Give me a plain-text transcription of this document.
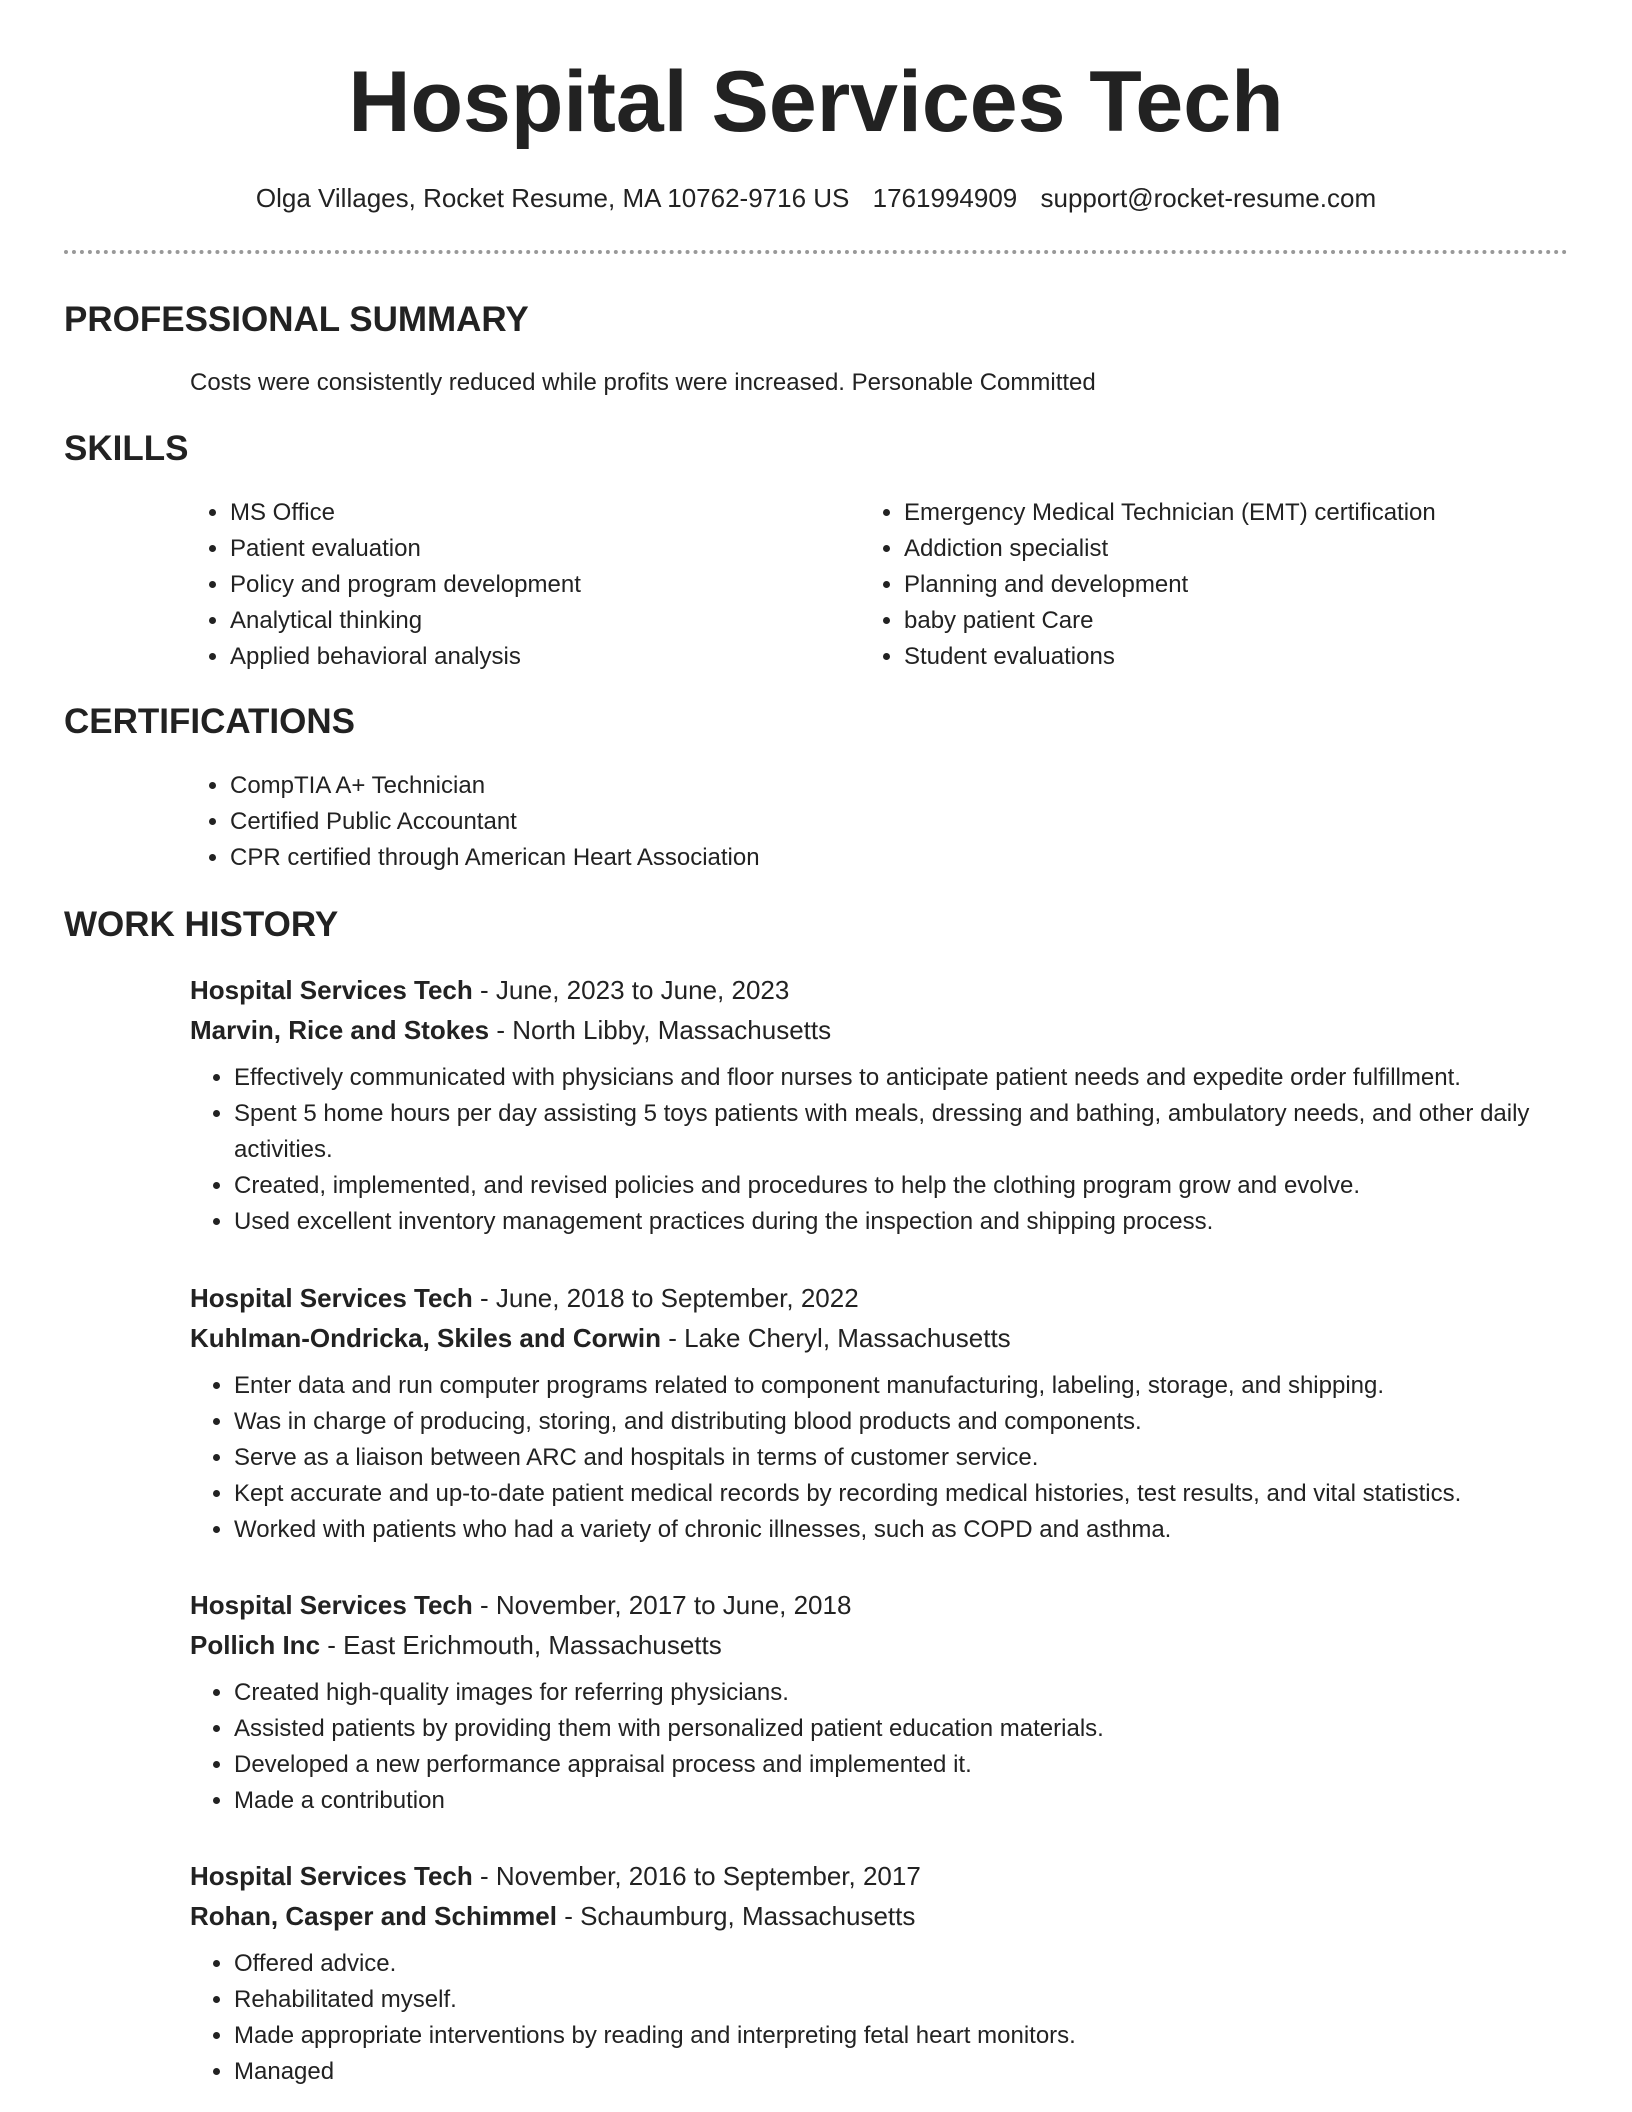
Hospital Services Tech
Olga Villages, Rocket Resume, MA 10762-9716 US 1761994909 support@rocket-resume.com
PROFESSIONAL SUMMARY
Costs were consistently reduced while profits were increased. Personable Committed
SKILLS
• MS Office
• Patient evaluation
• Policy and program development
• Analytical thinking
• Applied behavioral analysis
• Emergency Medical Technician (EMT) certification
• Addiction specialist
• Planning and development
• baby patient Care
• Student evaluations
CERTIFICATIONS
• CompTIA A+ Technician
• Certified Public Accountant
• CPR certified through American Heart Association
WORK HISTORY
Hospital Services Tech - June, 2023 to June, 2023
Marvin, Rice and Stokes - North Libby, Massachusetts
• Effectively communicated with physicians and floor nurses to anticipate patient needs and expedite order fulfillment.
• Spent 5 home hours per day assisting 5 toys patients with meals, dressing and bathing, ambulatory needs, and other daily activities.
• Created, implemented, and revised policies and procedures to help the clothing program grow and evolve.
• Used excellent inventory management practices during the inspection and shipping process.
Hospital Services Tech - June, 2018 to September, 2022
Kuhlman-Ondricka, Skiles and Corwin - Lake Cheryl, Massachusetts
• Enter data and run computer programs related to component manufacturing, labeling, storage, and shipping.
• Was in charge of producing, storing, and distributing blood products and components.
• Serve as a liaison between ARC and hospitals in terms of customer service.
• Kept accurate and up-to-date patient medical records by recording medical histories, test results, and vital statistics.
• Worked with patients who had a variety of chronic illnesses, such as COPD and asthma.
Hospital Services Tech - November, 2017 to June, 2018
Pollich Inc - East Erichmouth, Massachusetts
• Created high-quality images for referring physicians.
• Assisted patients by providing them with personalized patient education materials.
• Developed a new performance appraisal process and implemented it.
• Made a contribution
Hospital Services Tech - November, 2016 to September, 2017
Rohan, Casper and Schimmel - Schaumburg, Massachusetts
• Offered advice.
• Rehabilitated myself.
• Made appropriate interventions by reading and interpreting fetal heart monitors.
• Managed
